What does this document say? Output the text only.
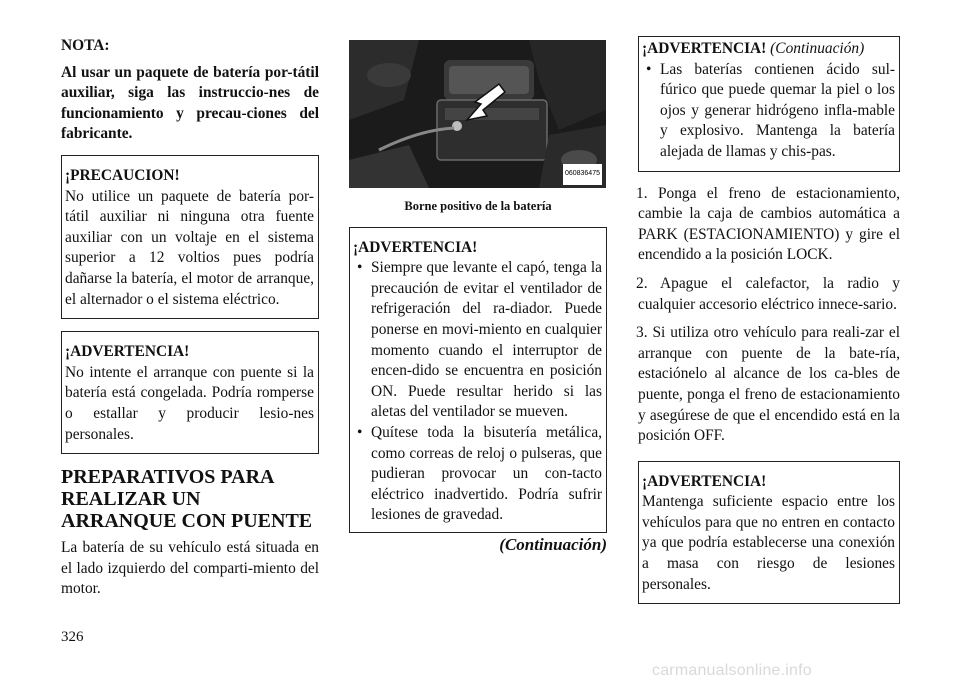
NOTA:

Al usar un paquete de batería por-tátil auxiliar, siga las instruccio-nes de funcionamiento y precau-ciones del fabricante.

¡PRECAUCION!

No utilice un paquete de batería por-tátil auxiliar ni ninguna otra fuente auxiliar con un voltaje en el sistema superior a 12 voltios pues podría dañarse la batería, el motor de arranque, el alternador o el sistema eléctrico.

¡ADVERTENCIA!

No intente el arranque con puente si la batería está congelada. Podría romperse o estallar y producir lesio-nes personales.

PREPARATIVOS PARA REALIZAR UN ARRANQUE CON PUENTE

La batería de su vehículo está situada en el lado izquierdo del comparti-miento del motor.

060836475
Borne positivo de la batería
¡ADVERTENCIA!
• Siempre que levante el capó, tenga la precaución de evitar el ventilador de refrigeración del ra-diador. Puede ponerse en movi-miento en cualquier momento cuando el interruptor de encen-dido se encuentra en posición ON. Puede resultar herido si las aletas del ventilador se mueven.
• Quítese toda la bisutería metálica, como correas de reloj o pulseras, que pudieran provocar un con-tacto eléctrico inadvertido. Podría sufrir lesiones de gravedad.
(Continuación)
¡ADVERTENCIA! (Continuación)
• Las baterías contienen ácido sul-fúrico que puede quemar la piel o los ojos y generar hidrógeno infla-mable y explosivo. Mantenga la batería alejada de llamas y chis-pas.

1. Ponga el freno de estacionamiento, cambie la caja de cambios automática a PARK (ESTACIONAMIENTO) y gire el encendido a la posición LOCK.

2. Apague el calefactor, la radio y cualquier accesorio eléctrico innece-sario.

3. Si utiliza otro vehículo para reali-zar el arranque con puente de la bate-ría, estaciónelo al alcance de los ca-bles de puente, ponga el freno de estacionamiento y asegúrese de que el encendido está en la posición OFF.

¡ADVERTENCIA!

Mantenga suficiente espacio entre los vehículos para que no entren en contacto ya que podría establecerse una conexión a masa con riesgo de lesiones personales.

326
carmanualsonline.info
